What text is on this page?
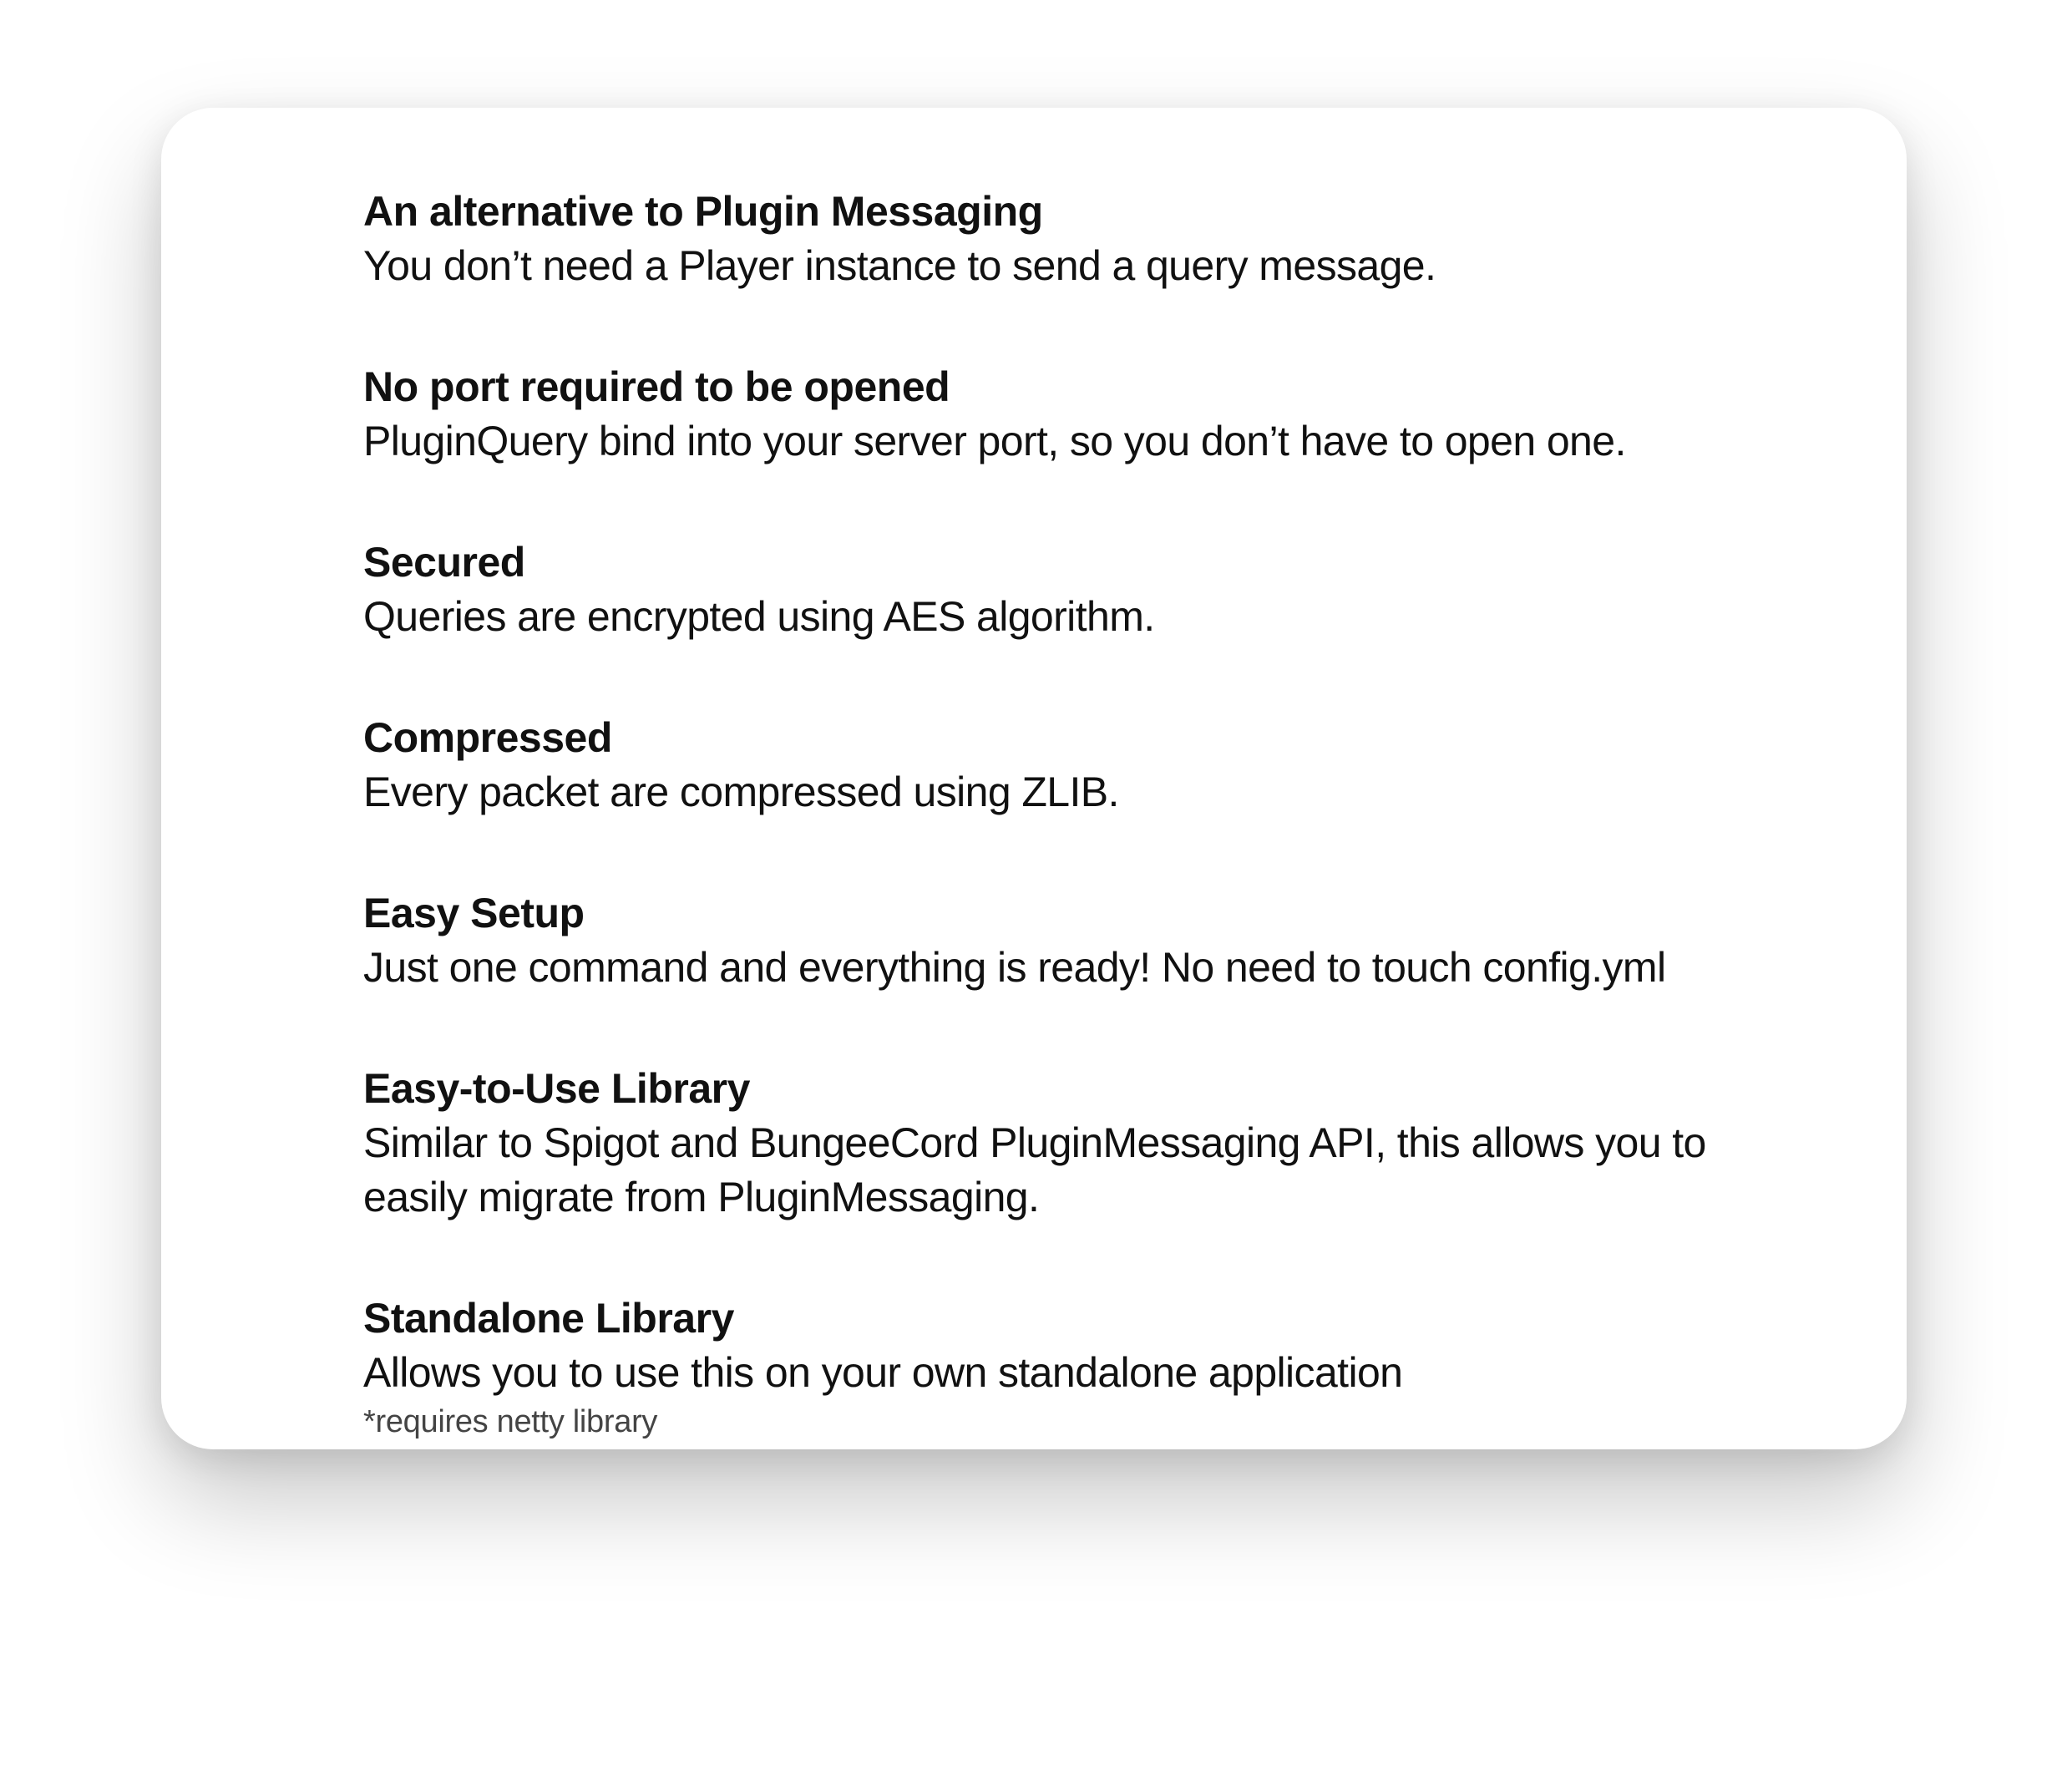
An alternative to Plugin Messaging
You don’t need a Player instance to send a query message.
No port required to be opened
PluginQuery bind into your server port, so you don’t have to open one.
Secured
Queries are encrypted using AES algorithm.
Compressed
Every packet are compressed using ZLIB.
Easy Setup
Just one command and everything is ready! No need to touch config.yml
Easy-to-Use Library
Similar to Spigot and BungeeCord PluginMessaging API, this allows you to easily migrate from PluginMessaging.
Standalone Library
Allows you to use this on your own standalone application
*requires netty library
